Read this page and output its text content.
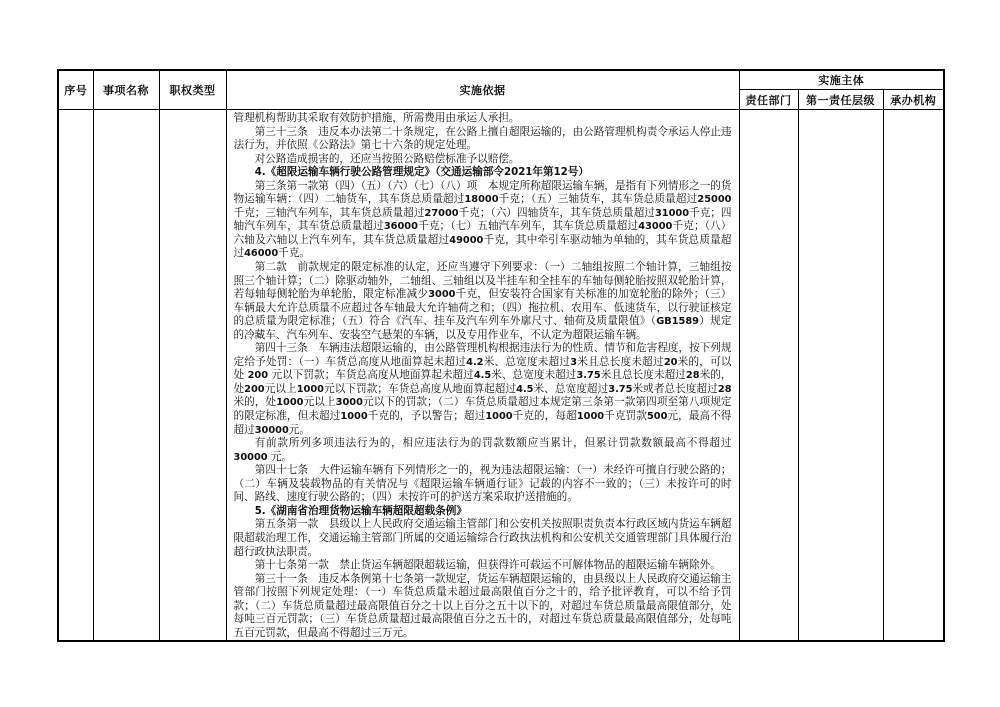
序号	事项名称	职权类型	实施依据	实施主体		
				责任部门	第一责任层级	承办机构

管理机构帮助其采取有效防护措施，所需费用由承运人承担。

第三十三条　违反本办法第二十条规定，在公路上擅自超限运输的，由公路管理机构责令承运人停止违法行为，并依照《公路法》第七十六条的规定处理。

对公路造成损害的，还应当按照公路赔偿标准予以赔偿。

4.《超限运输车辆行驶公路管理规定》（交通运输部令2021年第12号）

第三条第一款第（四）（五）（六）（七）（八）项　本规定所称超限运输车辆，是指有下列情形之一的货物运输车辆：（四）二轴货车，其车货总质量超过18000千克；（五）三轴货车，其车货总质量超过25000千克；三轴汽车列车，其车货总质量超过27000千克；（六）四轴货车，其车货总质量超过31000千克；四轴汽车列车，其车货总质量超过36000千克；（七）五轴汽车列车，其车货总质量超过43000千克；（八）六轴及六轴以上汽车列车，其车货总质量超过49000千克，其中牵引车驱动轴为单轴的，其车货总质量超过46000千克。

第二款　前款规定的限定标准的认定，还应当遵守下列要求：（一）二轴组按照二个轴计算，三轴组按照三个轴计算；（二）除驱动轴外，二轴组、三轴组以及半挂车和全挂车的车轴每侧轮胎按照双轮胎计算，若每轴每侧轮胎为单轮胎，限定标准减少3000千克，但安装符合国家有关标准的加宽轮胎的除外；（三）车辆最大允许总质量不应超过各车轴最大允许轴荷之和；（四）拖拉机、农用车、低速货车，以行驶证核定的总质量为限定标准；（五）符合《汽车、挂车及汽车列车外廓尺寸、轴荷及质量限值》（GB1589）规定的冷藏车、汽车列车、安装空气悬架的车辆，以及专用作业车，不认定为超限运输车辆。

第四十三条　车辆违法超限运输的，由公路管理机构根据违法行为的性质、情节和危害程度，按下列规定给予处罚：（一）车货总高度从地面算起未超过4.2米、总宽度未超过3米且总长度未超过20米的，可以处 200 元以下罚款；车货总高度从地面算起未超过4.5米、总宽度未超过3.75米且总长度未超过28米的，处200元以上1000元以下罚款；车货总高度从地面算起超过4.5米、总宽度超过3.75米或者总长度超过28米的，处1000元以上3000元以下的罚款；（二）车货总质量超过本规定第三条第一款第四项至第八项规定的限定标准，但未超过1000千克的，予以警告；超过1000千克的，每超1000千克罚款500元，最高不得超过30000元。

有前款所列多项违法行为的，相应违法行为的罚款数额应当累计，但累计罚款数额最高不得超过30000 元。

第四十七条　大件运输车辆有下列情形之一的，视为违法超限运输：（一）未经许可擅自行驶公路的；（二）车辆及装载物品的有关情况与《超限运输车辆通行证》记载的内容不一致的；（三）未按许可的时间、路线、速度行驶公路的；（四）未按许可的护送方案采取护送措施的。

5.《湖南省治理货物运输车辆超限超载条例》

第五条第一款　县级以上人民政府交通运输主管部门和公安机关按照职责负责本行政区域内货运车辆超限超载治理工作，交通运输主管部门所属的交通运输综合行政执法机构和公安机关交通管理部门具体履行治超行政执法职责。

第十七条第一款　禁止货运车辆超限超载运输，但获得许可载运不可解体物品的超限运输车辆除外。

第三十一条　违反本条例第十七条第一款规定，货运车辆超限运输的，由县级以上人民政府交通运输主管部门按照下列规定处理：（一）车货总质量未超过最高限值百分之十的，给予批评教育，可以不给予罚款；（二）车货总质量超过最高限值百分之十以上百分之五十以下的，对超过车货总质量最高限值部分，处每吨三百元罚款；（三）车货总质量超过最高限值百分之五十的，对超过车货总质量最高限值部分，处每吨五百元罚款，但最高不得超过三万元。
